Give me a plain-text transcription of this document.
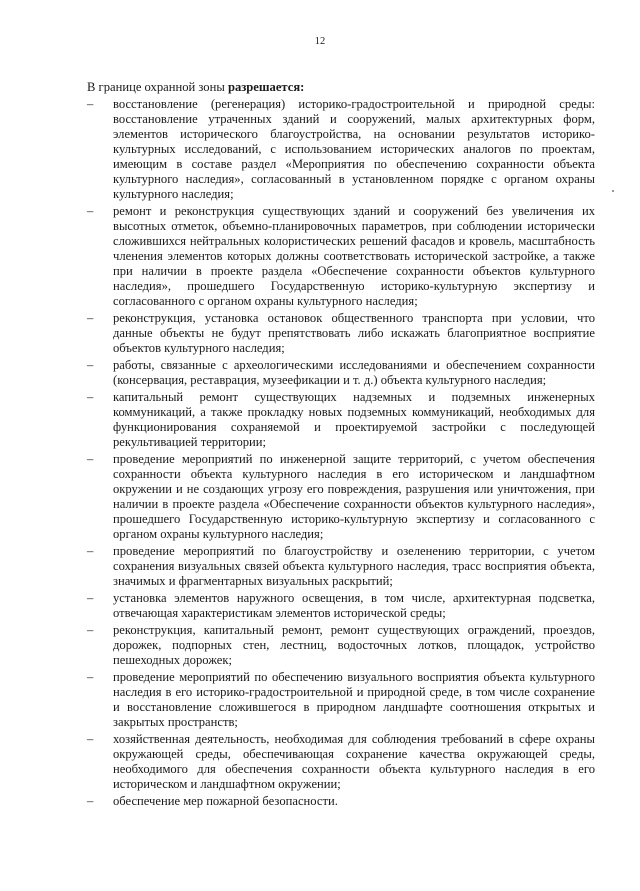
12

В границе охранной зоны разрешается:

– восстановление (регенерация) историко-градостроительной и природной среды: восстановление утраченных зданий и сооружений, малых архитектурных форм, элементов исторического благоустройства, на основании результатов историко-культурных исследований, с использованием исторических аналогов по проектам, имеющим в составе раздел «Мероприятия по обеспечению сохранности объекта культурного наследия», согласованный в установленном порядке с органом охраны культурного наследия;
– ремонт и реконструкция существующих зданий и сооружений без увеличения их высотных отметок, объемно-планировочных параметров, при соблюдении исторически сложившихся нейтральных колористических решений фасадов и кровель, масштабность членения элементов которых должны соответствовать исторической застройке, а также при наличии в проекте раздела «Обеспечение сохранности объектов культурного наследия», прошедшего Государственную историко-культурную экспертизу и согласованного с органом охраны культурного наследия;
– реконструкция, установка остановок общественного транспорта при условии, что данные объекты не будут препятствовать либо искажать благоприятное восприятие объектов культурного наследия;
– работы, связанные с археологическими исследованиями и обеспечением сохранности (консервация, реставрация, музеефикации и т. д.) объекта культурного наследия;
– капитальный ремонт существующих надземных и подземных инженерных коммуникаций, а также прокладку новых подземных коммуникаций, необходимых для функционирования сохраняемой и проектируемой застройки с последующей рекультивацией территории;
– проведение мероприятий по инженерной защите территорий, с учетом обеспечения сохранности объекта культурного наследия в его историческом и ландшафтном окружении и не создающих угрозу его повреждения, разрушения или уничтожения, при наличии в проекте раздела «Обеспечение сохранности объектов культурного наследия», прошедшего Государственную историко-культурную экспертизу и согласованного с органом охраны культурного наследия;
– проведение мероприятий по благоустройству и озеленению территории, с учетом сохранения визуальных связей объекта культурного наследия, трасс восприятия объекта, значимых и фрагментарных визуальных раскрытий;
– установка элементов наружного освещения, в том числе, архитектурная подсветка, отвечающая характеристикам элементов исторической среды;
– реконструкция, капитальный ремонт, ремонт существующих ограждений, проездов, дорожек, подпорных стен, лестниц, водосточных лотков, площадок, устройство пешеходных дорожек;
– проведение мероприятий по обеспечению визуального восприятия объекта культурного наследия в его историко-градостроительной и природной среде, в том числе сохранение и восстановление сложившегося в природном ландшафте соотношения открытых и закрытых пространств;
– хозяйственная деятельность, необходимая для соблюдения требований в сфере охраны окружающей среды, обеспечивающая сохранение качества окружающей среды, необходимого для обеспечения сохранности объекта культурного наследия в его историческом и ландшафтном окружении;
– обеспечение мер пожарной безопасности.
